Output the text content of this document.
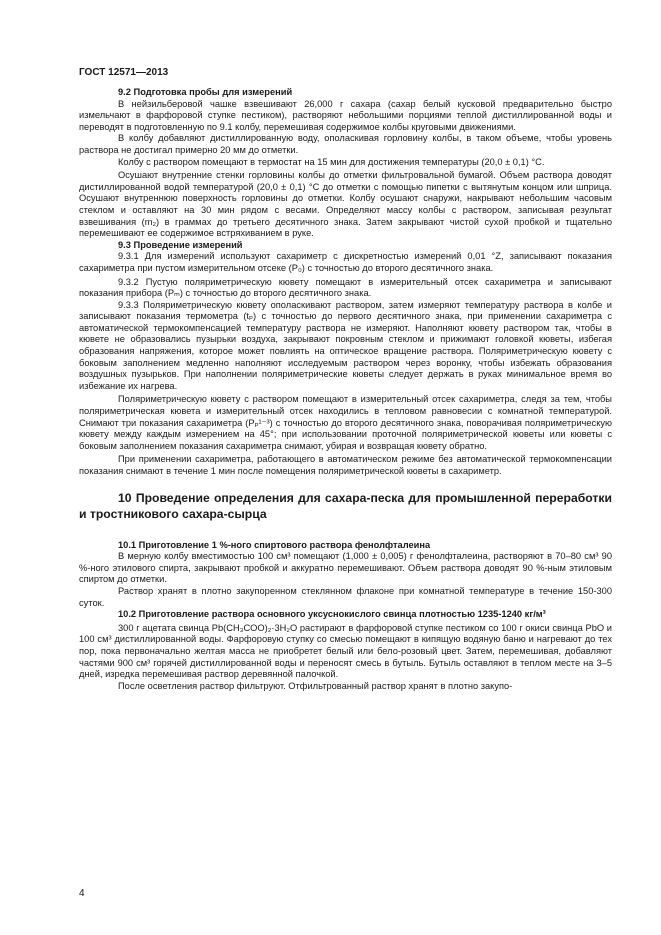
ГОСТ 12571—2013

9.2 Подготовка пробы для измерений

В нейзильберовой чашке взвешивают 26,000 г сахара (сахар белый кусковой предварительно быстро измельчают в фарфоровой ступке пестиком), растворяют небольшими порциями теплой дистиллированной воды и переводят в подготовленную по 9.1 колбу, перемешивая содержимое колбы круговыми движениями.

В колбу добавляют дистиллированную воду, ополаскивая горловину колбы, в таком объеме, чтобы уровень раствора не достигал примерно 20 мм до отметки.

Колбу с раствором помещают в термостат на 15 мин для достижения температуры (20,0 ± 0,1) °С.

Осушают внутренние стенки горловины колбы до отметки фильтровальной бумагой. Объем раствора доводят дистиллированной водой температурой (20,0 ± 0,1) °С до отметки с помощью пипетки с вытянутым концом или шприца. Осушают внутреннюю поверхность горловины до отметки. Колбу осушают снаружи, накрывают небольшим часовым стеклом и оставляют на 30 мин рядом с весами. Определяют массу колбы с раствором, записывая результат взвешивания (m₂) в граммах до третьего десятичного знака. Затем закрывают чистой сухой пробкой и тщательно перемешивают ее содержимое встряхиванием в руке.

9.3 Проведение измерений

9.3.1 Для измерений используют сахариметр с дискретностью измерений 0,01 °Z, записывают показания сахариметра при пустом измерительном отсеке (P₀) с точностью до второго десятичного знака.

9.3.2 Пустую поляриметрическую кювету помещают в измерительный отсек сахариметра и записывают показания прибора (Pₘ) с точностью до второго десятичного знака.

9.3.3 Поляриметрическую кювету ополаскивают раствором, затем измеряют температуру раствора в колбе и записывают показания термометра (tₚ) с точностью до первого десятичного знака, при применении сахариметра с автоматической термокомпенсацией температуру раствора не измеряют. Наполняют кювету раствором так, чтобы в кювете не образовались пузырьки воздуха, закрывают покровным стеклом и прижимают головкой кюветы, избегая образования напряжения, которое может повлиять на оптическое вращение раствора. Поляриметрическую кювету с боковым заполнением медленно наполняют исследуемым раствором через воронку, чтобы избежать образования воздушных пузырьков. При наполнении поляриметрические кюветы следует держать в руках минимальное время во избежание их нагрева.

Поляриметрическую кювету с раствором помещают в измерительный отсек сахариметра, следя за тем, чтобы поляриметрическая кювета и измерительный отсек находились в тепловом равновесии с комнатной температурой. Снимают три показания сахариметра (Pₚ¹⁻³) с точностью до второго десятичного знака, поворачивая поляриметрическую кювету между каждым измерением на 45°; при использовании проточной поляриметрической кюветы или кюветы с боковым заполнением показания сахариметра снимают, убирая и возвращая кювету обратно.

При применении сахариметра, работающего в автоматическом режиме без автоматической термокомпенсации показания снимают в течение 1 мин после помещения поляриметрической кюветы в сахариметр.

10 Проведение определения для сахара-песка для промышленной переработки и тростникового сахара-сырца

10.1 Приготовление 1 %-ного спиртового раствора фенолфталеина

В мерную колбу вместимостью 100 см³ помещают (1,000 ± 0,005) г фенолфталеина, растворяют в 70–80 см³ 90 %-ного этилового спирта, закрывают пробкой и аккуратно перемешивают. Объем раствора доводят 90 %-ным этиловым спиртом до отметки.

Раствор хранят в плотно закупоренном стеклянном флаконе при комнатной температуре в течение 150-300 суток.

10.2 Приготовление раствора основного уксуснокислого свинца плотностью 1235-1240 кг/м³

300 г ацетата свинца Pb(CH₃COO)₂·3H₂O растирают в фарфоровой ступке пестиком со 100 г окиси свинца PbO и 100 см³ дистиллированной воды. Фарфоровую ступку со смесью помещают в кипящую водяную баню и нагревают до тех пор, пока первоначально желтая масса не приобретет белый или бело-розовый цвет. Затем, перемешивая, добавляют частями 900 см³ горячей дистиллированной воды и переносят смесь в бутыль. Бутыль оставляют в теплом месте на 3–5 дней, изредка перемешивая раствор деревянной палочкой.

После осветления раствор фильтруют. Отфильтрованный раствор хранят в плотно закупо-

4
